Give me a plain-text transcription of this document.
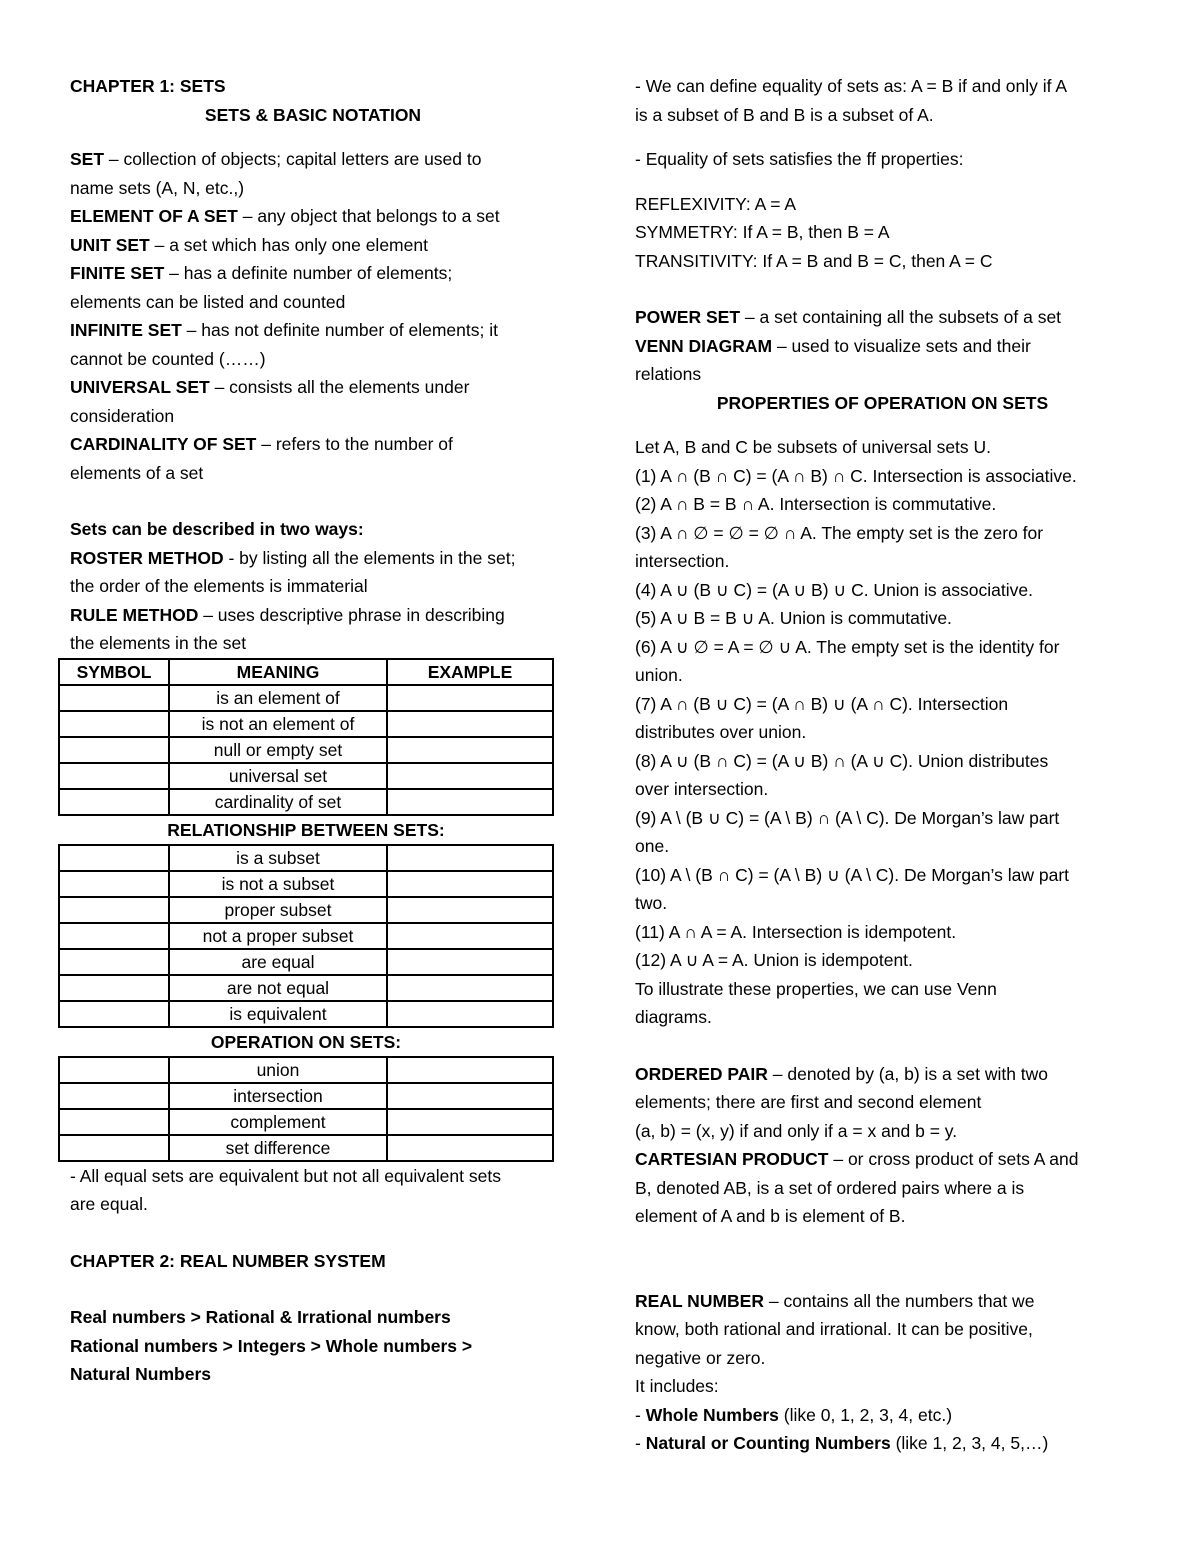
CHAPTER 1: SETS
SETS & BASIC NOTATION
SET – collection of objects; capital letters are used to
name sets (A, N, etc.,)
ELEMENT OF A SET – any object that belongs to a set
UNIT SET – a set which has only one element
FINITE SET – has a definite number of elements;
elements can be listed and counted
INFINITE SET – has not definite number of elements; it
cannot be counted (……)
UNIVERSAL SET – consists all the elements under
consideration
CARDINALITY OF SET – refers to the number of
elements of a set
Sets can be described in two ways:
ROSTER METHOD - by listing all the elements in the set;
the order of the elements is immaterial
RULE METHOD – uses descriptive phrase in describing
the elements in the set
SYMBOL	MEANING	EXAMPLE
	is an element of	
	is not an element of	
	null or empty set	
	universal set	
	cardinality of set	
RELATIONSHIP BETWEEN SETS:
	is a subset	
	is not a subset	
	proper subset	
	not a proper subset	
	are equal	
	are not equal	
	is equivalent	
OPERATION ON SETS:
	union	
	intersection	
	complement	
	set difference	
- All equal sets are equivalent but not all equivalent sets
are equal.
CHAPTER 2: REAL NUMBER SYSTEM
Real numbers > Rational & Irrational numbers
Rational numbers > Integers > Whole numbers >
Natural Numbers
- We can define equality of sets as: A = B if and only if A
is a subset of B and B is a subset of A.
- Equality of sets satisfies the ff properties:
REFLEXIVITY: A = A
SYMMETRY: If A = B, then B = A
TRANSITIVITY: If A = B and B = C, then A = C
POWER SET – a set containing all the subsets of a set
VENN DIAGRAM – used to visualize sets and their
relations
PROPERTIES OF OPERATION ON SETS
Let A, B and C be subsets of universal sets U.
(1) A ∩ (B ∩ C) = (A ∩ B) ∩ C. Intersection is associative.
(2) A ∩ B = B ∩ A. Intersection is commutative.
(3) A ∩ ∅ = ∅ = ∅ ∩ A. The empty set is the zero for
intersection.
(4) A ∪ (B ∪ C) = (A ∪ B) ∪ C. Union is associative.
(5) A ∪ B = B ∪ A. Union is commutative.
(6) A ∪ ∅ = A = ∅ ∪ A. The empty set is the identity for
union.
(7) A ∩ (B ∪ C) = (A ∩ B) ∪ (A ∩ C). Intersection
distributes over union.
(8) A ∪ (B ∩ C) = (A ∪ B) ∩ (A ∪ C). Union distributes
over intersection.
(9) A \ (B ∪ C) = (A \ B) ∩ (A \ C). De Morgan’s law part
one.
(10) A \ (B ∩ C) = (A \ B) ∪ (A \ C). De Morgan’s law part
two.
(11) A ∩ A = A. Intersection is idempotent.
(12) A ∪ A = A. Union is idempotent.
To illustrate these properties, we can use Venn
diagrams.
ORDERED PAIR – denoted by (a, b) is a set with two
elements; there are first and second element
(a, b) = (x, y) if and only if a = x and b = y.
CARTESIAN PRODUCT – or cross product of sets A and
B, denoted AB, is a set of ordered pairs where a is
element of A and b is element of B.
REAL NUMBER – contains all the numbers that we
know, both rational and irrational. It can be positive,
negative or zero.
It includes:
- Whole Numbers (like 0, 1, 2, 3, 4, etc.)
- Natural or Counting Numbers (like 1, 2, 3, 4, 5,…)
